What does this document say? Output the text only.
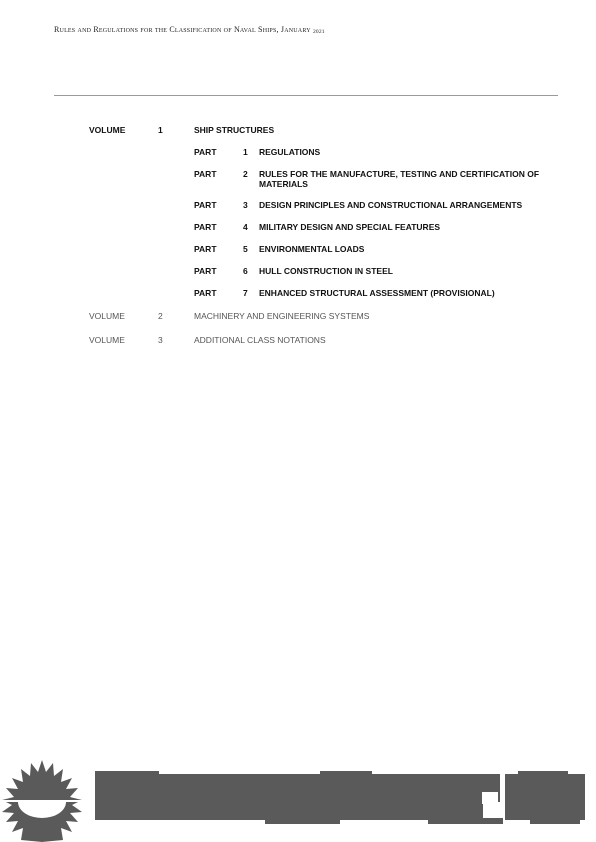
Rules and Regulations for the Classification of Naval Ships, January $_{2021}$
VOLUME	1	SHIP STRUCTURES
PART	1 REGULATIONS
PART	2 RULES FOR THE MANUFACTURE, TESTING AND CERTIFICATION OF MATERIALS
PART	3 DESIGN PRINCIPLES AND CONSTRUCTIONAL ARRANGEMENTS
PART	4 MILITARY DESIGN AND SPECIAL FEATURES
PART	5 ENVIRONMENTAL LOADS
PART	6 HULL CONSTRUCTION IN STEEL
PART	7 ENHANCED STRUCTURAL ASSESSMENT (PROVISIONAL)
VOLUME	2	MACHINERY AND ENGINEERING SYSTEMS
VOLUME	3	ADDITIONAL CLASS NOTATIONS
